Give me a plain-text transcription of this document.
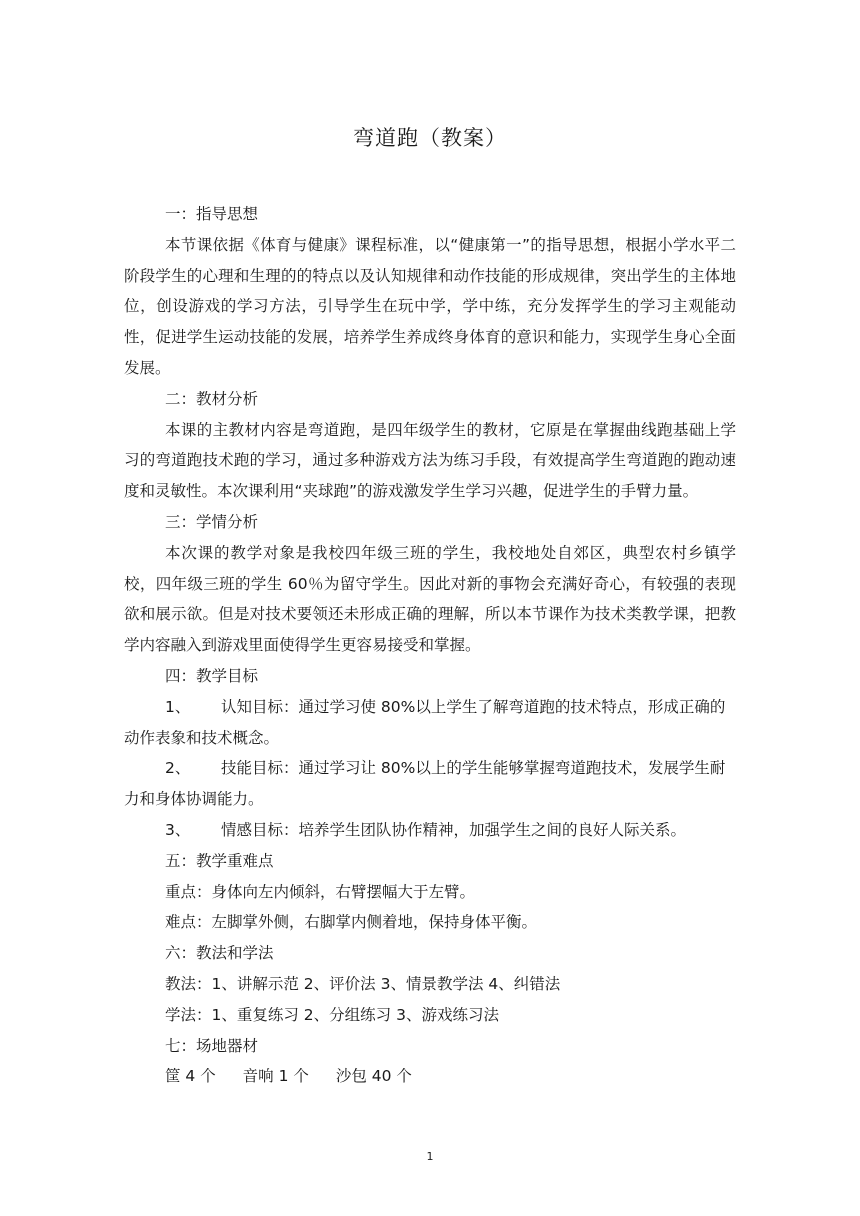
弯道跑（教案）

一：指导思想

本节课依据《体育与健康》课程标准，以“健康第一”的指导思想，根据小学水平二阶段学生的心理和生理的的特点以及认知规律和动作技能的形成规律，突出学生的主体地位，创设游戏的学习方法，引导学生在玩中学，学中练，充分发挥学生的学习主观能动性，促进学生运动技能的发展，培养学生养成终身体育的意识和能力，实现学生身心全面发展。

二：教材分析

本课的主教材内容是弯道跑，是四年级学生的教材，它原是在掌握曲线跑基础上学习的弯道跑技术跑的学习，通过多种游戏方法为练习手段，有效提高学生弯道跑的跑动速度和灵敏性。本次课利用“夹球跑”的游戏激发学生学习兴趣，促进学生的手臂力量。

三：学情分析

本次课的教学对象是我校四年级三班的学生，我校地处自郊区，典型农村乡镇学校，四年级三班的学生 60％为留守学生。因此对新的事物会充满好奇心，有较强的表现欲和展示欲。但是对技术要领还未形成正确的理解，所以本节课作为技术类教学课，把教学内容融入到游戏里面使得学生更容易接受和掌握。

四：教学目标

1、 认知目标：通过学习使 80%以上学生了解弯道跑的技术特点，形成正确的动作表象和技术概念。

2、 技能目标：通过学习让 80%以上的学生能够掌握弯道跑技术，发展学生耐力和身体协调能力。

3、 情感目标：培养学生团队协作精神，加强学生之间的良好人际关系。

五：教学重难点

重点：身体向左内倾斜，右臂摆幅大于左臂。

难点：左脚掌外侧，右脚掌内侧着地，保持身体平衡。

六：教法和学法

教法：1、讲解示范 2、评价法 3、情景教学法 4、纠错法

学法：1、重复练习 2、分组练习 3、游戏练习法

七：场地器材

筐 4 个 音响 1 个 沙包 40 个

1
